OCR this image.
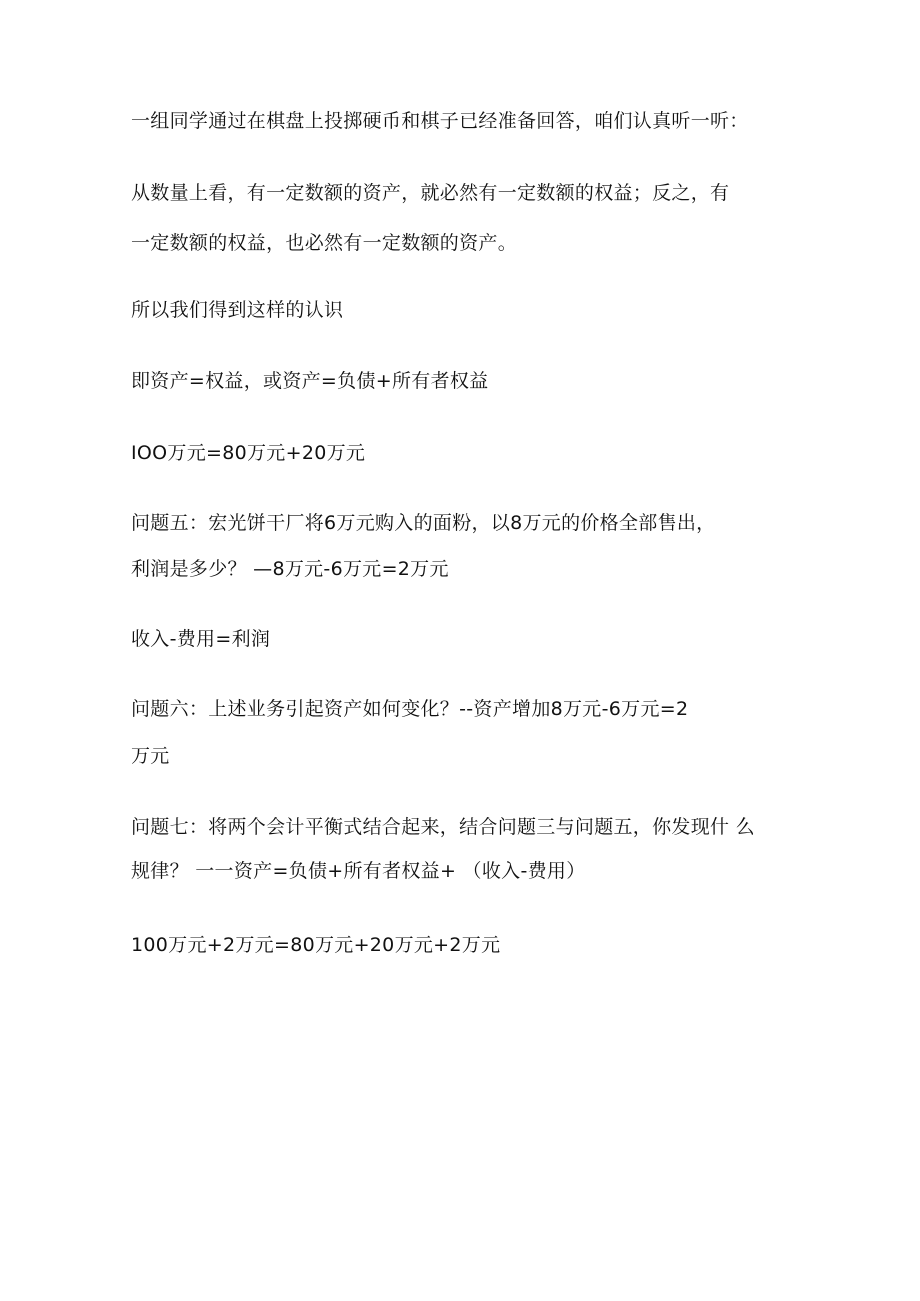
一组同学通过在棋盘上投掷硬币和棋子已经准备回答，咱们认真听一听：
从数量上看，有一定数额的资产，就必然有一定数额的权益；反之，有
一定数额的权益，也必然有一定数额的资产。
所以我们得到这样的认识
即资产=权益，或资产=负债+所有者权益
IOO万元=80万元+20万元
问题五：宏光饼干厂将6万元购入的面粉，以8万元的价格全部售出，
利润是多少？ —8万元-6万元=2万元
收入-费用=利润
问题六：上述业务引起资产如何变化？--资产增加8万元-6万元=2
万元
问题七：将两个会计平衡式结合起来，结合问题三与问题五，你发现什 么
规律？ 一一资产=负债+所有者权益+ （收入-费用）
100万元+2万元=80万元+20万元+2万元
